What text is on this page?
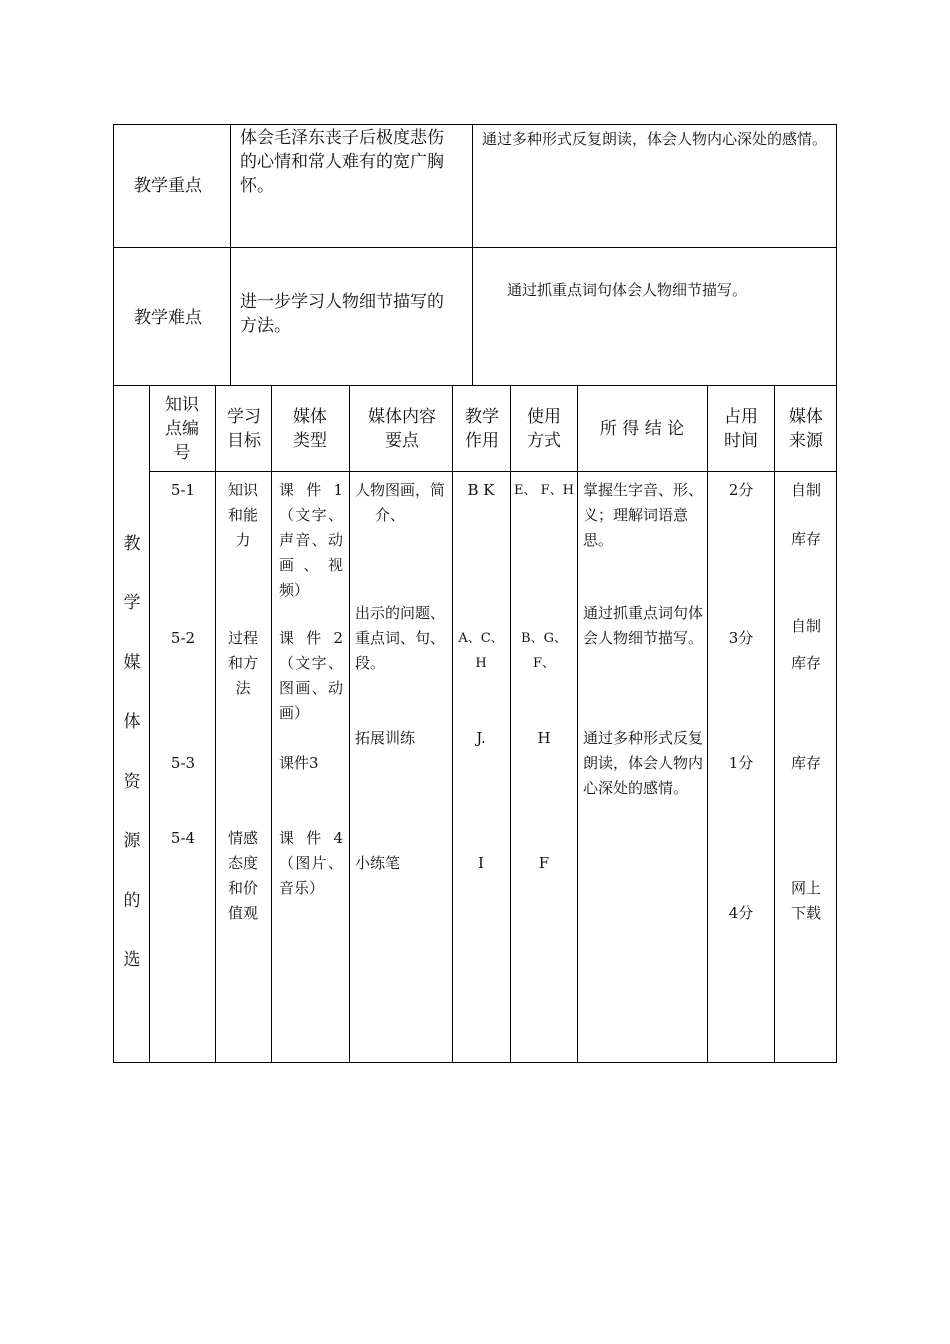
教学重点
体会毛泽东丧子后极度悲伤的心情和常人难有的宽广胸怀。
通过多种形式反复朗读，体会人物内心深处的感情。
教学难点
进一步学习人物细节描写的方法。
通过抓重点词句体会人物细节描写。
教
学
媒
体
资
源
的
选
知识点编号
学习目标
媒体类型
媒体内容要点
教学作用
使用方式
所 得 结 论
占用时间
媒体来源
5-1
5-2
5-3
5-4
知识和能力
过程和方法
情感态度和价值观
课 件 1（文字、声音、动画 、 视频）
课 件 2（文字、图画、动画）
课件3
课 件 4（图片、音乐）
人物图画，简介、
出示的问题、重点词、句、段。
拓展训练
小练笔
B K
A、C、H
J.
I
E、 F、H
B、G、F、
H
F
掌握生字音、形、义；理解词语意思。
通过抓重点词句体会人物细节描写。
通过多种形式反复朗读，体会人物内心深处的感情。
2分
3分
1分
4分
自制
库存
自制
库存
库存
网上下载
